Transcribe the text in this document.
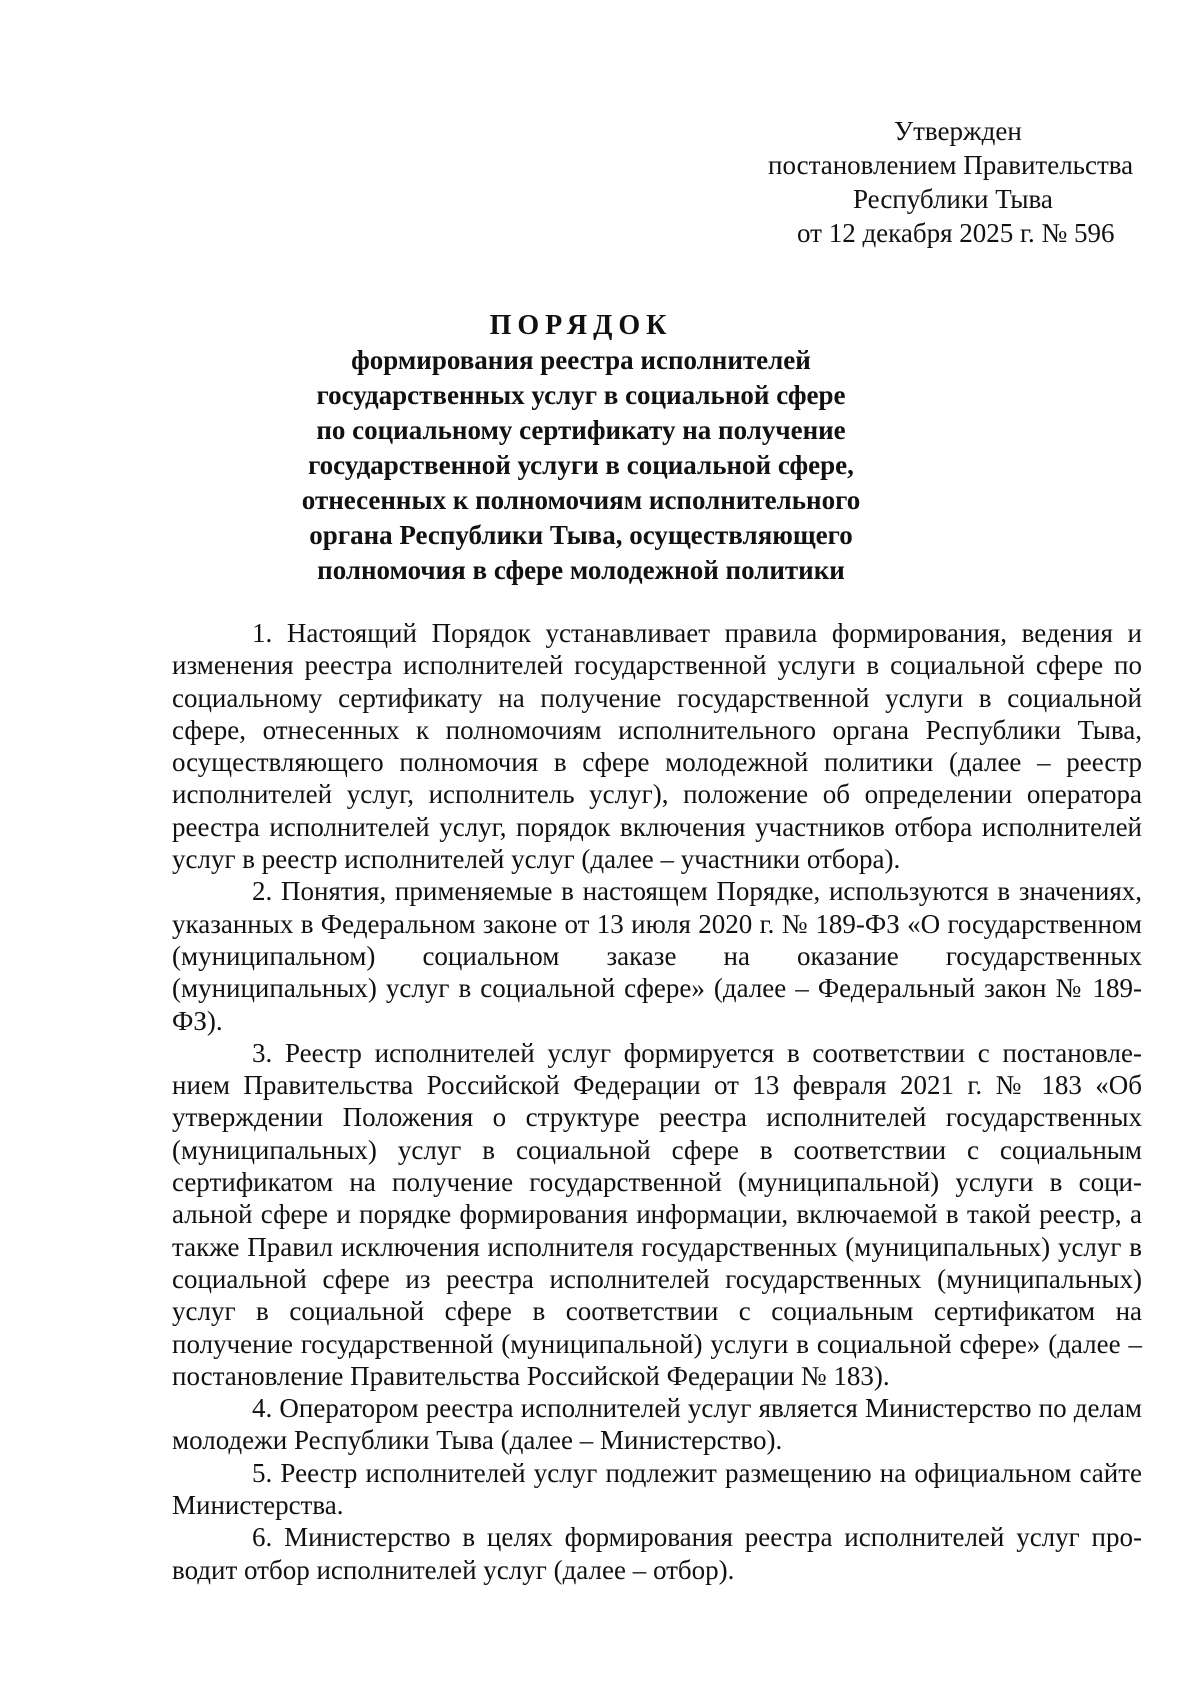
Утвержден
постановлением Правительства
Республики Тыва
от 12 декабря 2025 г. № 596
ПОРЯДОК
формирования реестра исполнителей
государственных услуг в социальной сфере
по социальному сертификату на получение
государственной услуги в социальной сфере,
отнесенных к полномочиям исполнительного
органа Республики Тыва, осуществляющего
полномочия в сфере молодежной политики

1. Настоящий Порядок устанавливает правила формирования, ведения и изменения реестра исполнителей государственной услуги в социальной сфере по социальному сертификату на получение государственной услуги в социальной сфере, отнесенных к полномочиям исполнительного органа Республики Тыва, осуществляющего полномочия в сфере молодежной политики (далее – реестр исполнителей услуг, исполнитель услуг), положение об определении оператора реестра исполнителей услуг, порядок включения участников отбора исполнителей услуг в реестр исполнителей услуг (далее – участники отбора).

2. Понятия, применяемые в настоящем Порядке, используются в значениях, указанных в Федеральном законе от 13 июля 2020 г. № 189-ФЗ «О государственном (муниципальном) социальном заказе на оказание государственных (муниципальных) услуг в социальной сфере» (далее – Федеральный закон № 189-ФЗ).

3. Реестр исполнителей услуг формируется в соответствии с постановлением Правительства Российской Федерации от 13 февраля 2021 г. № 183 «Об утверждении Положения о структуре реестра исполнителей государственных (муниципальных) услуг в социальной сфере в соответствии с социальным сертификатом на получение государственной (муниципальной) услуги в социальной сфере и порядке формирования информации, включаемой в такой реестр, а также Правил исключения исполнителя государственных (муниципальных) услуг в социальной сфере из реестра исполнителей государственных (муниципальных) услуг в социальной сфере в соответствии с социальным сертификатом на получение государственной (муниципальной) услуги в социальной сфере» (далее – постановление Правительства Российской Федерации № 183).

4. Оператором реестра исполнителей услуг является Министерство по делам молодежи Республики Тыва (далее – Министерство).

5. Реестр исполнителей услуг подлежит размещению на официальном сайте Министерства.

6. Министерство в целях формирования реестра исполнителей услуг проводит отбор исполнителей услуг (далее – отбор).
